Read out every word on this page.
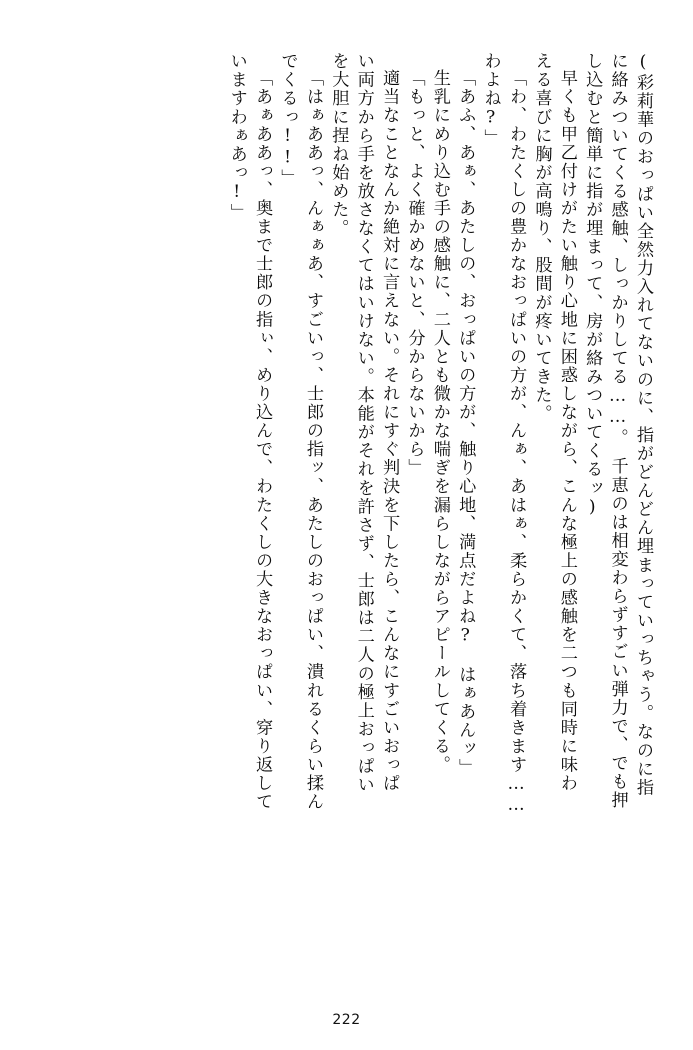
(彩莉華のおっぱい全然力入れてないのに、指がどんどん埋まっていっちゃう。なのに指
に絡みついてくる感触、しっかりしてる……。　千恵のは相変わらずすごい弾力で、でも押
し込むと簡単に指が埋まって、房が絡みついてくるッ)
早くも甲乙付けがたい触り心地に困惑しながら、こんな極上の感触を二つも同時に味わ
える喜びに胸が高鳴り、股間が疼いてきた。
「わ、わたくしの豊かなおっぱいの方が、んぁ、あはぁ、柔らかくて、落ち着きます……
わよね?」
「あふ、あぁ、あたしの、おっぱいの方が、触り心地、満点だよね?　はぁあんッ」
生乳にめり込む手の感触に、二人とも微かな喘ぎを漏らしながらアピールしてくる。
「もっと、よく確かめないと、分からないから」
適当なことなんか絶対に言えない。それにすぐ判決を下したら、こんなにすごいおっぱ
い両方から手を放さなくてはいけない。本能がそれを許さず、士郎は二人の極上おっぱい
を大胆に捏ね始めた。
「はぁああっ、んぁぁあ、すごいっ、士郎の指ッ、あたしのおっぱい、潰れるくらい揉ん
でくるっ!!」
「あぁああっ、奥まで士郎の指ぃ、めり込んで、わたくしの大きなおっぱい、穿り返して
いますわぁあっ!」
222
